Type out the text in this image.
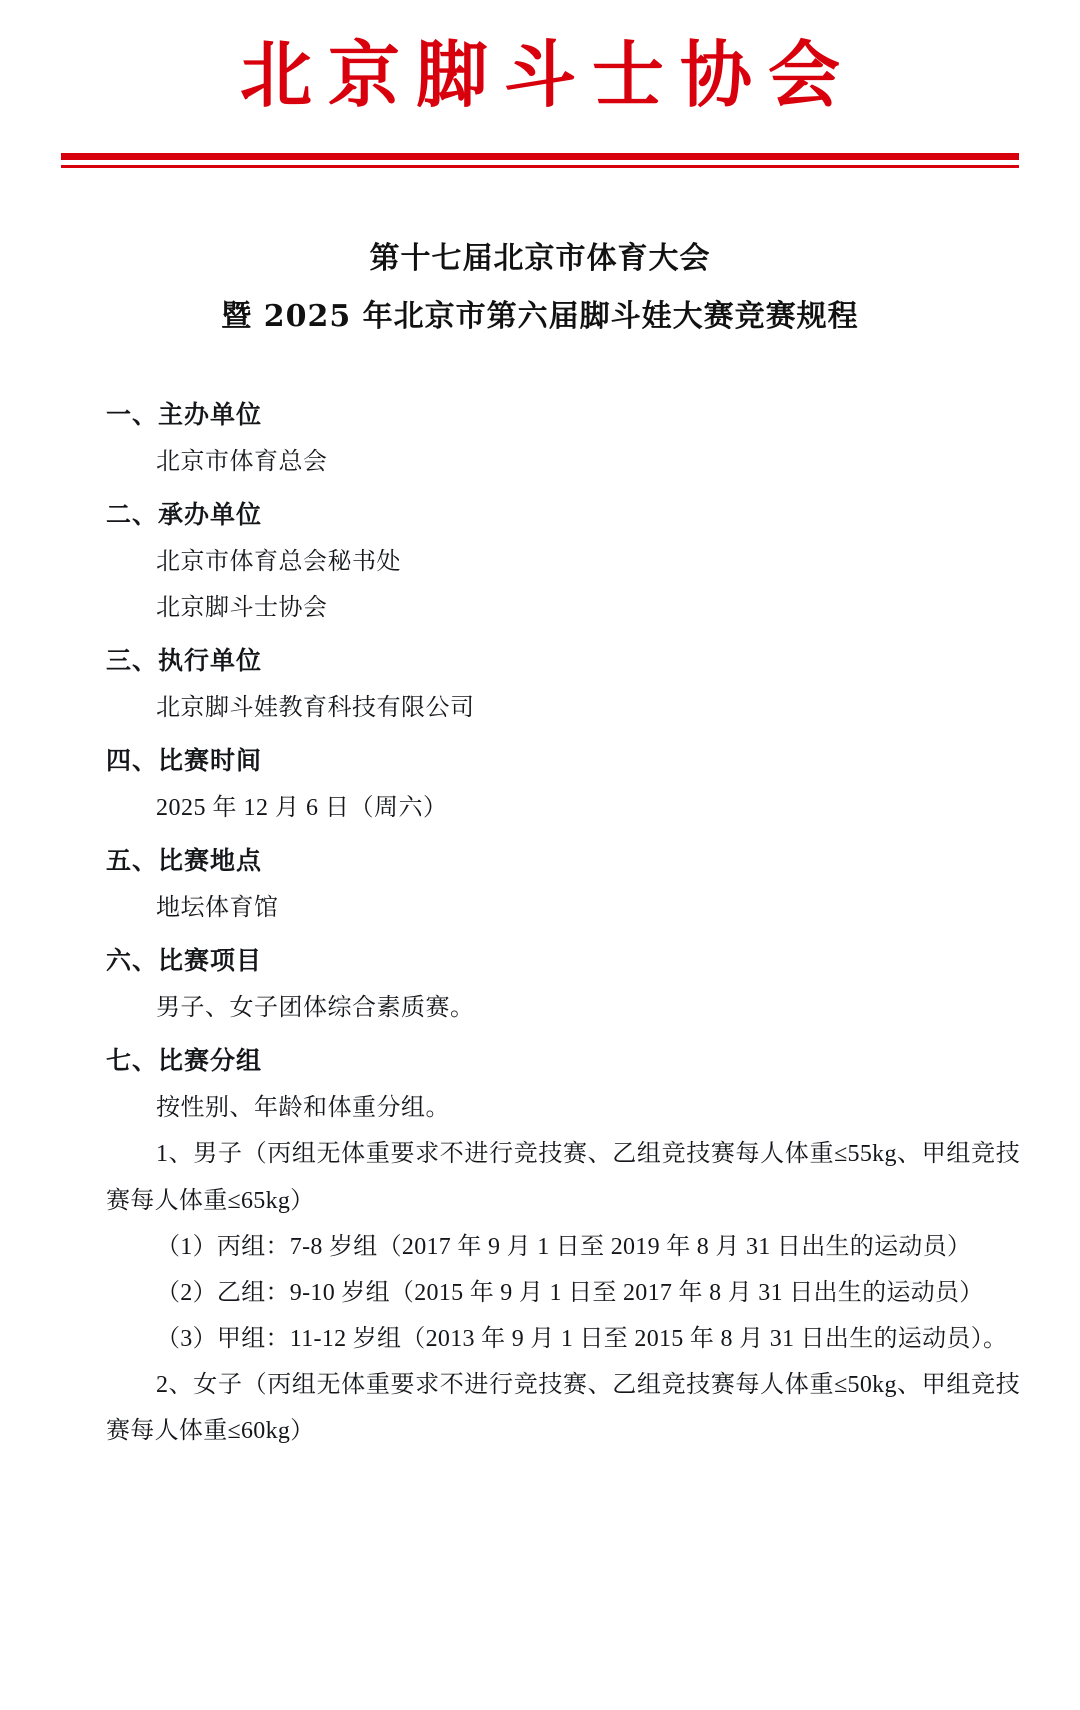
北京脚斗士协会
第十七届北京市体育大会
暨 2025 年北京市第六届脚斗娃大赛竞赛规程
一、主办单位
北京市体育总会
二、承办单位
北京市体育总会秘书处
北京脚斗士协会
三、执行单位
北京脚斗娃教育科技有限公司
四、比赛时间
2025 年 12 月 6 日（周六）
五、比赛地点
地坛体育馆
六、比赛项目
男子、女子团体综合素质赛。
七、比赛分组
按性别、年龄和体重分组。
1、男子（丙组无体重要求不进行竞技赛、乙组竞技赛每人体重≤55kg、甲组竞技赛每人体重≤65kg）
（1）丙组：7-8 岁组（2017 年 9 月 1 日至 2019 年 8 月 31 日出生的运动员）
（2）乙组：9-10 岁组（2015 年 9 月 1 日至 2017 年 8 月 31 日出生的运动员）
（3）甲组：11-12 岁组（2013 年 9 月 1 日至 2015 年 8 月 31 日出生的运动员）。
2、女子（丙组无体重要求不进行竞技赛、乙组竞技赛每人体重≤50kg、甲组竞技赛每人体重≤60kg）
